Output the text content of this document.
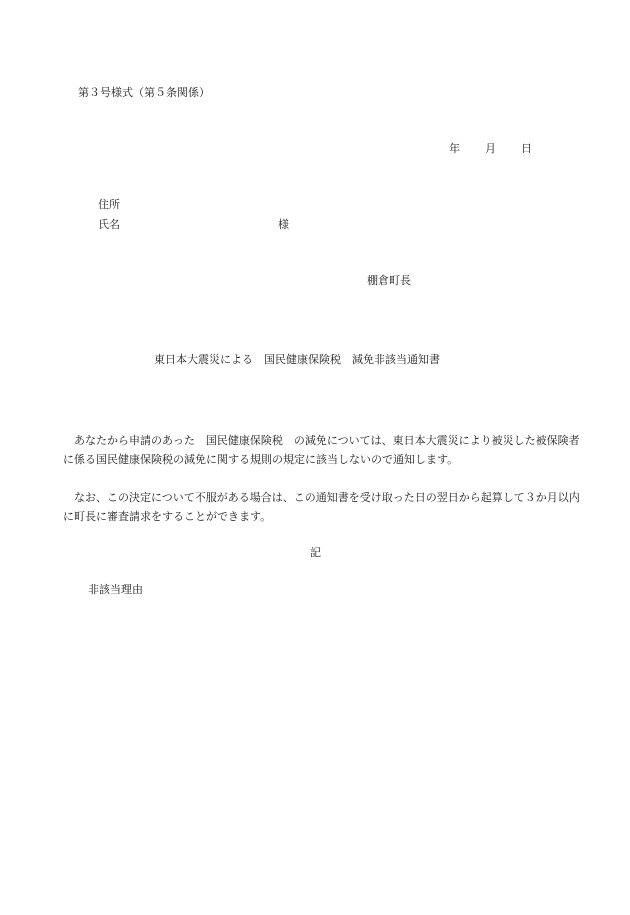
第３号様式（第５条関係）
年 月 日
住所
氏名	様
棚倉町長
東日本大震災による　国民健康保険税　減免非該当通知書

あなたから申請のあった　国民健康保険税　の減免については、東日本大震災により被災した被保険者に係る国民健康保険税の減免に関する規則の規定に該当しないので通知します。

なお、この決定について不服がある場合は、この通知書を受け取った日の翌日から起算して３か月以内に町長に審査請求をすることができます。

記
非該当理由
